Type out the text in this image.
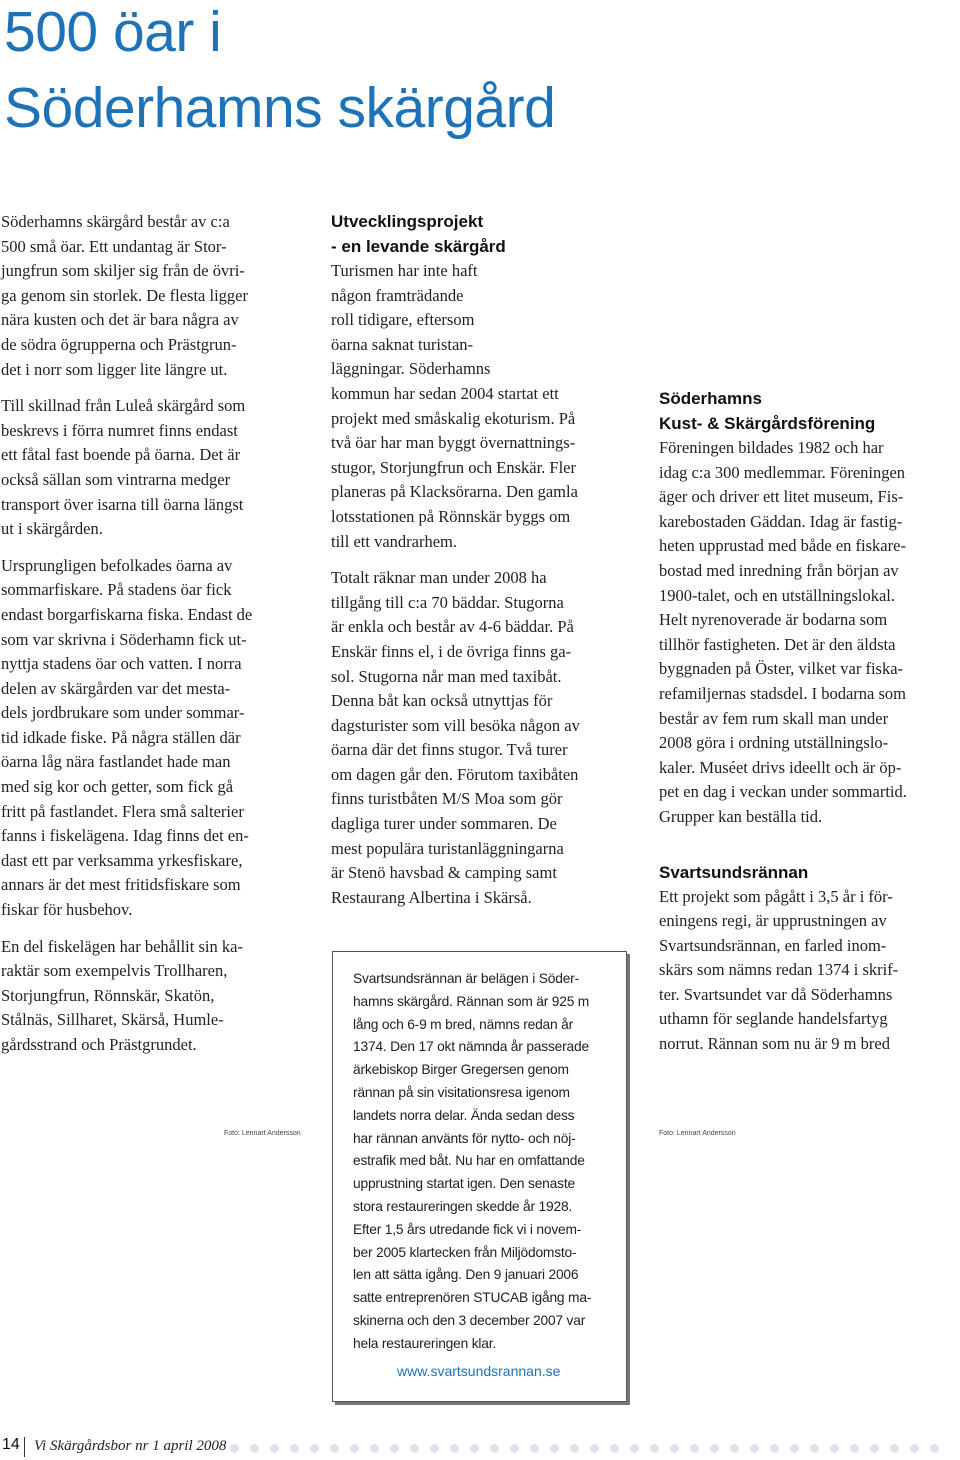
500 öar i
Söderhamns skärgård

Söderhamns skärgård består av c:a
500 små öar. Ett undantag är Stor-
jungfrun som skiljer sig från de övri-
ga genom sin storlek. De flesta ligger
nära kusten och det är bara några av
de södra ögrupperna och Prästgrun-
det i norr som ligger lite längre ut.

Till skillnad från Luleå skärgård som
beskrevs i förra numret finns endast
ett fåtal fast boende på öarna. Det är
också sällan som vintrarna medger
transport över isarna till öarna längst
ut i skärgården.

Ursprungligen befolkades öarna av
sommarfiskare. På stadens öar fick
endast borgarfiskarna fiska. Endast de
som var skrivna i Söderhamn fick ut-
nyttja stadens öar och vatten. I norra
delen av skärgården var det mesta-
dels jordbrukare som under sommar-
tid idkade fiske. På några ställen där
öarna låg nära fastlandet hade man
med sig kor och getter, som fick gå
fritt på fastlandet. Flera små salterier
fanns i fiskelägena. Idag finns det en-
dast ett par verksamma yrkesfiskare,
annars är det mest fritidsfiskare som
fiskar för husbehov.

En del fiskelägen har behållit sin ka-
raktär som exempelvis Trollharen,
Storjungfrun, Rönnskär, Skatön,
Stålnäs, Sillharet, Skärså, Humle-
gårdsstrand och Prästgrundet.

Utvecklingsprojekt
- en levande skärgård

Turismen har inte haft
någon framträdande
roll tidigare, eftersom
öarna saknat turistan-
läggningar. Söderhamns
kommun har sedan 2004 startat ett
projekt med småskalig ekoturism. På
två öar har man byggt övernattnings-
stugor, Storjungfrun och Enskär. Fler
planeras på Klacksörarna. Den gamla
lotsstationen på Rönnskär byggs om
till ett vandrarhem.

Totalt räknar man under 2008 ha
tillgång till c:a 70 bäddar. Stugorna
är enkla och består av 4-6 bäddar. På
Enskär finns el, i de övriga finns ga-
sol. Stugorna når man med taxibåt.
Denna båt kan också utnyttjas för
dagsturister som vill besöka någon av
öarna där det finns stugor. Två turer
om dagen går den. Förutom taxibåten
finns turistbåten M/S Moa som gör
dagliga turer under sommaren. De
mest populära turistanläggningarna
är Stenö havsbad & camping samt
Restaurang Albertina i Skärså.

Söderhamns
Kust- & Skärgårdsförening

Föreningen bildades 1982 och har
idag c:a 300 medlemmar. Föreningen
äger och driver ett litet museum, Fis-
karebostaden Gäddan. Idag är fastig-
heten upprustad med både en fiskare-
bostad med inredning från början av
1900-talet, och en utställningslokal.
Helt nyrenoverade är bodarna som
tillhör fastigheten. Det är den äldsta
byggnaden på Öster, vilket var fiska-
refamiljernas stadsdel. I bodarna som
består av fem rum skall man under
2008 göra i ordning utställningslo-
kaler. Muséet drivs ideellt och är öp-
pet en dag i veckan under sommartid.
Grupper kan beställa tid.

Svartsundsrännan

Ett projekt som pågått i 3,5 år i för-
eningens regi, är upprustningen av
Svartsundsrännan, en farled inom-
skärs som nämns redan 1374 i skrif-
ter. Svartsundet var då Söderhamns
uthamn för seglande handelsfartyg
norrut. Rännan som nu är 9 m bred

Foto: Lennart Andersson	Foto: Lennart Andersson
Svartsundsrännan är belägen i Söder-
hamns skärgård. Rännan som är 925 m
lång och 6-9 m bred, nämns redan år
1374. Den 17 okt nämnda år passerade
ärkebiskop Birger Gregersen genom
rännan på sin visitationsresa igenom
landets norra delar. Ända sedan dess
har rännan använts för nytto- och nöj-
estrafik med båt. Nu har en omfattande
upprustning startat igen. Den senaste
stora restaureringen skedde år 1928.
Efter 1,5 års utredande fick vi i novem-
ber 2005 klartecken från Miljödomsto-
len att sätta igång. Den 9 januari 2006
satte entreprenören STUCAB igång ma-
skinerna och den 3 december 2007 var
hela restaureringen klar.
www.svartsundsrannan.se
14 Vi Skärgårdsbor nr 1 april 2008
